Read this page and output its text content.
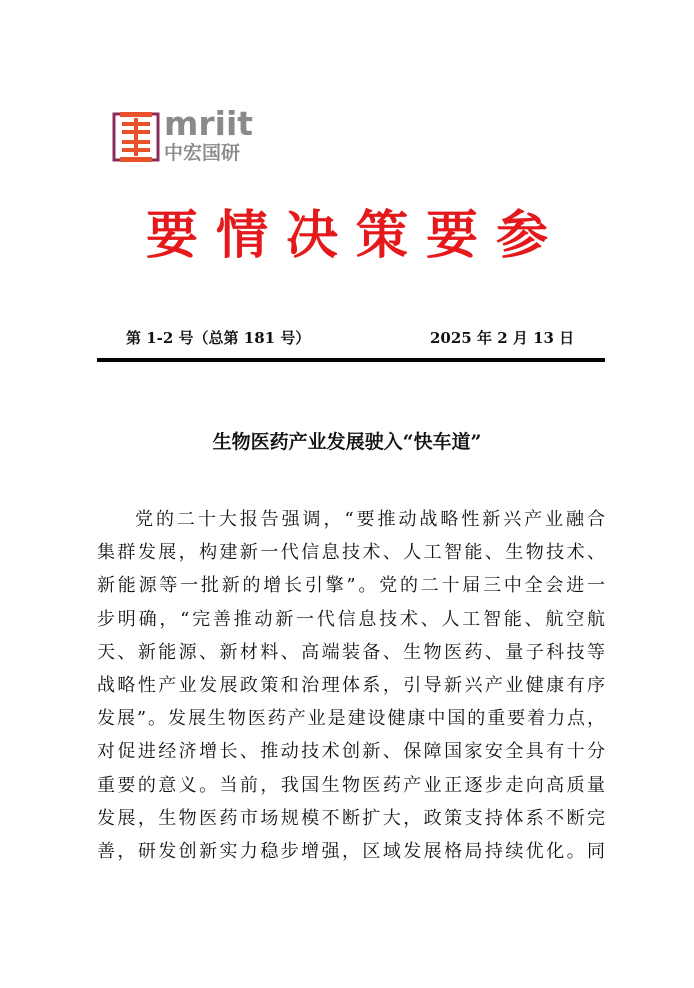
mriit
中宏国研
要情决策要参
第 1-2 号（总第 181 号）	2025 年 2 月 13 日
生物医药产业发展驶入“快车道”
党的二十大报告强调，“要推动战略性新兴产业融合
集群发展，构建新一代信息技术、人工智能、生物技术、
新能源等一批新的增长引擎”。党的二十届三中全会进一
步明确，“完善推动新一代信息技术、人工智能、航空航
天、新能源、新材料、高端装备、生物医药、量子科技等
战略性产业发展政策和治理体系，引导新兴产业健康有序
发展”。发展生物医药产业是建设健康中国的重要着力点，
对促进经济增长、推动技术创新、保障国家安全具有十分
重要的意义。当前，我国生物医药产业正逐步走向高质量
发展，生物医药市场规模不断扩大，政策支持体系不断完
善，研发创新实力稳步增强，区域发展格局持续优化。同
